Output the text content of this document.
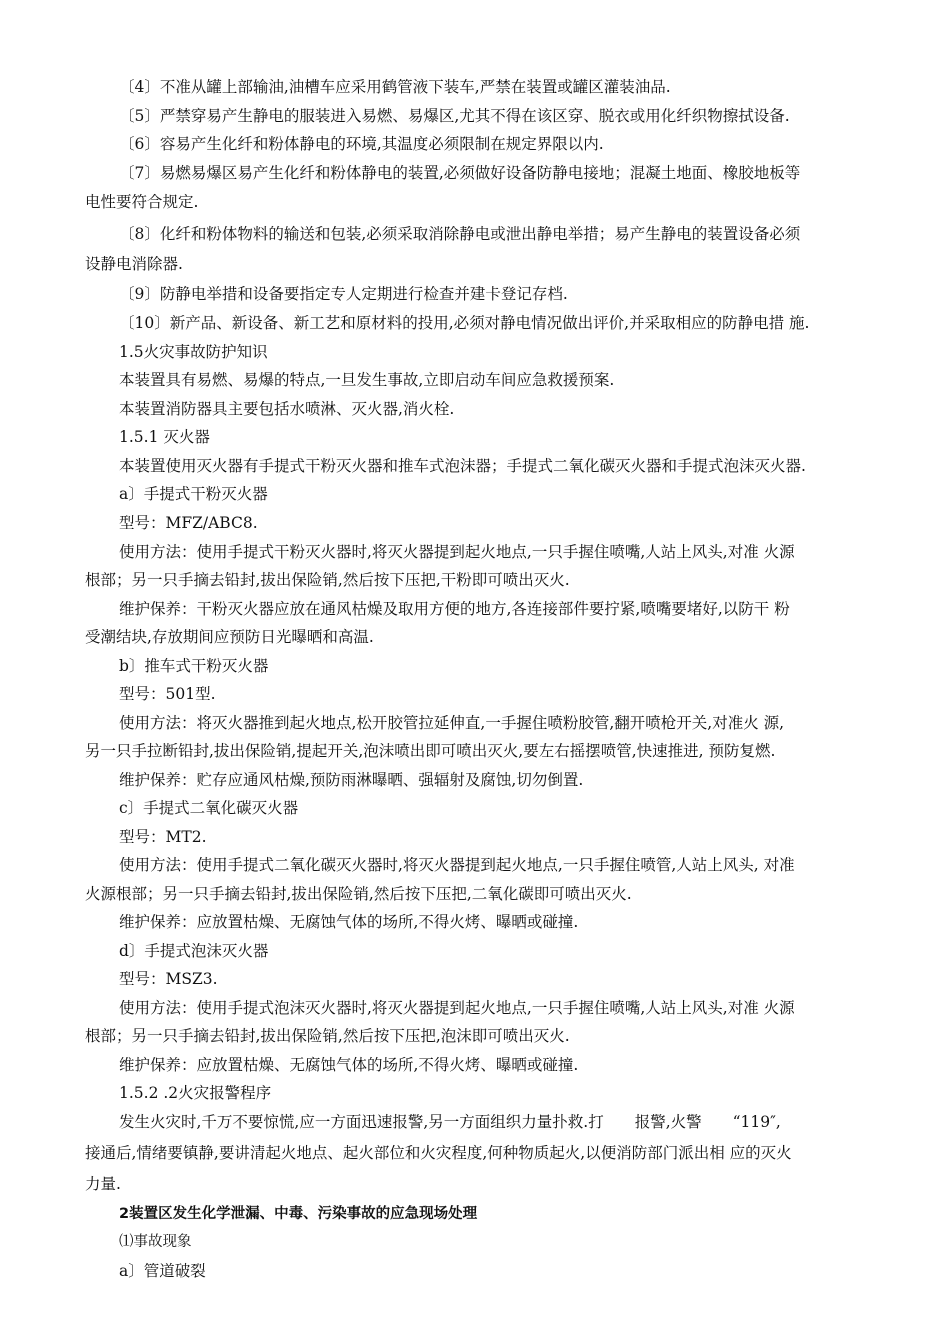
〔4〕不准从罐上部输油,油槽车应采用鹤管液下装车,严禁在装置或罐区灌装油品.
〔5〕严禁穿易产生静电的服装进入易燃、易爆区,尤其不得在该区穿、脱衣或用化纤织物擦拭设备.
〔6〕容易产生化纤和粉体静电的环境,其温度必须限制在规定界限以内.
〔7〕易燃易爆区易产生化纤和粉体静电的装置,必须做好设备防静电接地；混凝土地面、橡胶地板等
电性要符合规定.
〔8〕化纤和粉体物料的输送和包装,必须采取消除静电或泄出静电举措；易产生静电的装置设备必须
设静电消除器.
〔9〕防静电举措和设备要指定专人定期进行检查并建卡登记存档.
〔10〕新产品、新设备、新工艺和原材料的投用,必须对静电情况做出评价,并采取相应的防静电措 施.
1.5火灾事故防护知识
本装置具有易燃、易爆的特点,一旦发生事故,立即启动车间应急救援预案.
本装置消防器具主要包括水喷淋、灭火器,消火栓.
1.5.1 灭火器
本装置使用灭火器有手提式干粉灭火器和推车式泡沫器；手提式二氧化碳灭火器和手提式泡沫灭火器.
a〕手提式干粉灭火器
型号：MFZ/ABC8.
使用方法：使用手提式干粉灭火器时,将灭火器提到起火地点,一只手握住喷嘴,人站上风头,对准 火源
根部；另一只手摘去铅封,拔出保险销,然后按下压把,干粉即可喷出灭火.
维护保养：干粉灭火器应放在通风枯燥及取用方便的地方,各连接部件要拧紧,喷嘴要堵好,以防干 粉
受潮结块,存放期间应预防日光曝晒和高温.
b〕推车式干粉灭火器
型号：501型.
使用方法：将灭火器推到起火地点,松开胶管拉延伸直,一手握住喷粉胶管,翻开喷枪开关,对准火 源,
另一只手拉断铅封,拔出保险销,提起开关,泡沫喷出即可喷出灭火,要左右摇摆喷管,快速推进, 预防复燃.
维护保养：贮存应通风枯燥,预防雨淋曝晒、强辐射及腐蚀,切勿倒置.
c〕手提式二氧化碳灭火器
型号：MT2.
使用方法：使用手提式二氧化碳灭火器时,将灭火器提到起火地点,一只手握住喷管,人站上风头, 对准
火源根部；另一只手摘去铅封,拔出保险销,然后按下压把,二氧化碳即可喷出灭火.
维护保养：应放置枯燥、无腐蚀气体的场所,不得火烤、曝晒或碰撞.
d〕手提式泡沫灭火器
型号：MSZ3.
使用方法：使用手提式泡沫灭火器时,将灭火器提到起火地点,一只手握住喷嘴,人站上风头,对准 火源
根部；另一只手摘去铅封,拔出保险销,然后按下压把,泡沫即可喷出灭火.
维护保养：应放置枯燥、无腐蚀气体的场所,不得火烤、曝晒或碰撞.
1.5.2 .2火灾报警程序
发生火灾时,千万不要惊慌,应一方面迅速报警,另一方面组织力量扑救.打　　报警,火警　　“119″,
接通后,情绪要镇静,要讲清起火地点、起火部位和火灾程度,何种物质起火,以便消防部门派出相 应的灭火
力量.
2装置区发生化学泄漏、中毒、污染事故的应急现场处理
⑴事故现象
a〕管道破裂
